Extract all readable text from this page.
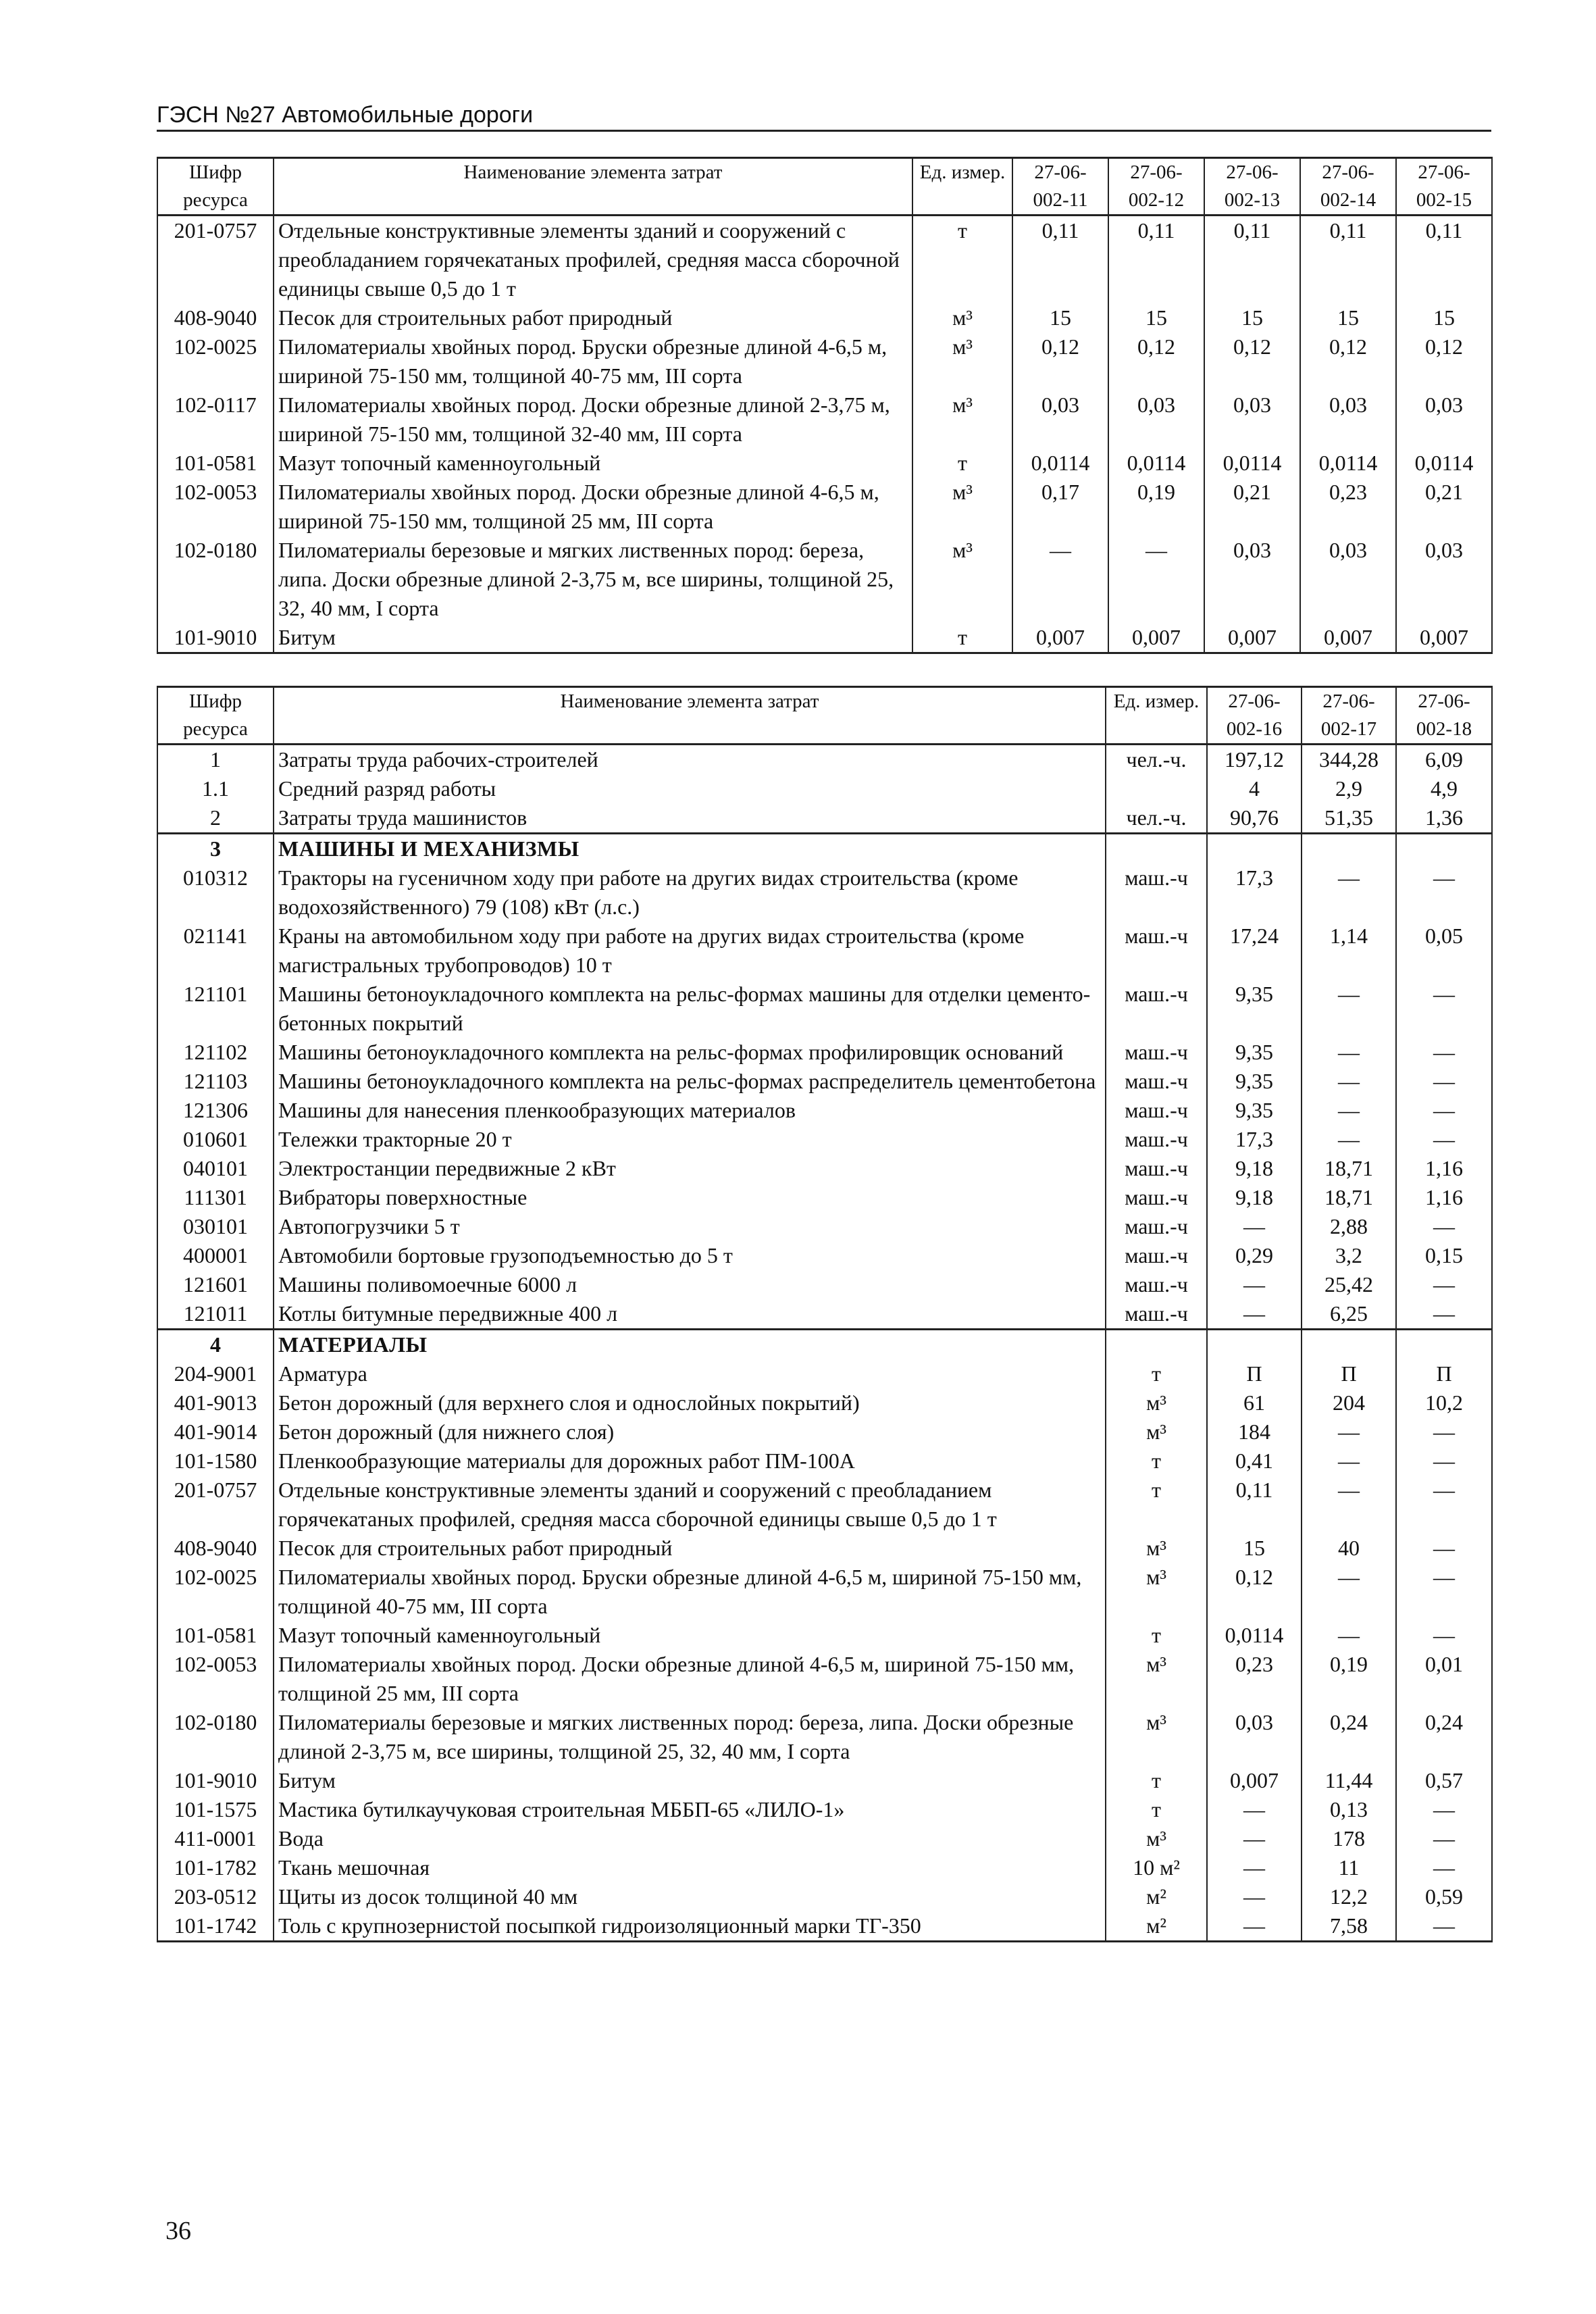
ГЭСН №27 Автомобильные дороги
Шифр ресурса	Наименование элемента затрат	Ед. измер.	27-06-002-11	27-06-002-12	27-06-002-13	27-06-002-14	27-06-002-15
201-0757	Отдельные конструктивные элементы зданий и сооружений с преобладанием горячекатаных профилей, средняя масса сборочной единицы свыше 0,5 до 1 т	т	0,11	0,11	0,11	0,11	0,11
408-9040	Песок для строительных работ природный	м³	15	15	15	15	15
102-0025	Пиломатериалы хвойных пород. Бруски обрезные длиной 4-6,5 м, шириной 75-150 мм, толщиной 40-75 мм, III сорта	м³	0,12	0,12	0,12	0,12	0,12
102-0117	Пиломатериалы хвойных пород. Доски обрезные длиной 2-3,75 м, шириной 75-150 мм, толщиной 32-40 мм, III сорта	м³	0,03	0,03	0,03	0,03	0,03
101-0581	Мазут топочный каменноугольный	т	0,0114	0,0114	0,0114	0,0114	0,0114
102-0053	Пиломатериалы хвойных пород. Доски обрезные длиной 4-6,5 м, шириной 75-150 мм, толщиной 25 мм, III сорта	м³	0,17	0,19	0,21	0,23	0,21
102-0180	Пиломатериалы березовые и мягких лиственных пород: береза, липа. Доски обрезные длиной 2-3,75 м, все ширины, толщиной 25, 32, 40 мм, I сорта	м³	—	—	0,03	0,03	0,03
101-9010	Битум	т	0,007	0,007	0,007	0,007	0,007
Шифр ресурса	Наименование элемента затрат	Ед. измер.	27-06-002-16	27-06-002-17	27-06-002-18
1	Затраты труда рабочих-строителей	чел.-ч.	197,12	344,28	6,09
1.1	Средний разряд работы		4	2,9	4,9
2	Затраты труда машинистов	чел.-ч.	90,76	51,35	1,36
3	МАШИНЫ И МЕХАНИЗМЫ				
010312	Тракторы на гусеничном ходу при работе на других видах строительства (кроме водохозяйственного) 79 (108) кВт (л.с.)	маш.-ч	17,3	—	—
021141	Краны на автомобильном ходу при работе на других видах строительства (кроме магистральных трубопроводов) 10 т	маш.-ч	17,24	1,14	0,05
121101	Машины бетоноукладочного комплекта на рельс-формах машины для отделки цементо-бетонных покрытий	маш.-ч	9,35	—	—
121102	Машины бетоноукладочного комплекта на рельс-формах профилировщик оснований	маш.-ч	9,35	—	—
121103	Машины бетоноукладочного комплекта на рельс-формах распределитель цементобетона	маш.-ч	9,35	—	—
121306	Машины для нанесения пленкообразующих материалов	маш.-ч	9,35	—	—
010601	Тележки тракторные 20 т	маш.-ч	17,3	—	—
040101	Электростанции передвижные 2 кВт	маш.-ч	9,18	18,71	1,16
111301	Вибраторы поверхностные	маш.-ч	9,18	18,71	1,16
030101	Автопогрузчики 5 т	маш.-ч	—	2,88	—
400001	Автомобили бортовые грузоподъемностью до 5 т	маш.-ч	0,29	3,2	0,15
121601	Машины поливомоечные 6000 л	маш.-ч	—	25,42	—
121011	Котлы битумные передвижные 400 л	маш.-ч	—	6,25	—
4	МАТЕРИАЛЫ				
204-9001	Арматура	т	П	П	П
401-9013	Бетон дорожный (для верхнего слоя и однослойных покрытий)	м³	61	204	10,2
401-9014	Бетон дорожный (для нижнего слоя)	м³	184	—	—
101-1580	Пленкообразующие материалы для дорожных работ ПМ-100А	т	0,41	—	—
201-0757	Отдельные конструктивные элементы зданий и сооружений с преобладанием горячекатаных профилей, средняя масса сборочной единицы свыше 0,5 до 1 т	т	0,11	—	—
408-9040	Песок для строительных работ природный	м³	15	40	—
102-0025	Пиломатериалы хвойных пород. Бруски обрезные длиной 4-6,5 м, шириной 75-150 мм, толщиной 40-75 мм, III сорта	м³	0,12	—	—
101-0581	Мазут топочный каменноугольный	т	0,0114	—	—
102-0053	Пиломатериалы хвойных пород. Доски обрезные длиной 4-6,5 м, шириной 75-150 мм, толщиной 25 мм, III сорта	м³	0,23	0,19	0,01
102-0180	Пиломатериалы березовые и мягких лиственных пород: береза, липа. Доски обрезные длиной 2-3,75 м, все ширины, толщиной 25, 32, 40 мм, I сорта	м³	0,03	0,24	0,24
101-9010	Битум	т	0,007	11,44	0,57
101-1575	Мастика бутилкаучуковая строительная МББП-65 «ЛИЛО-1»	т	—	0,13	—
411-0001	Вода	м³	—	178	—
101-1782	Ткань мешочная	10 м²	—	11	—
203-0512	Щиты из досок толщиной 40 мм	м²	—	12,2	0,59
101-1742	Толь с крупнозернистой посыпкой гидроизоляционный марки ТГ-350	м²	—	7,58	—
36
